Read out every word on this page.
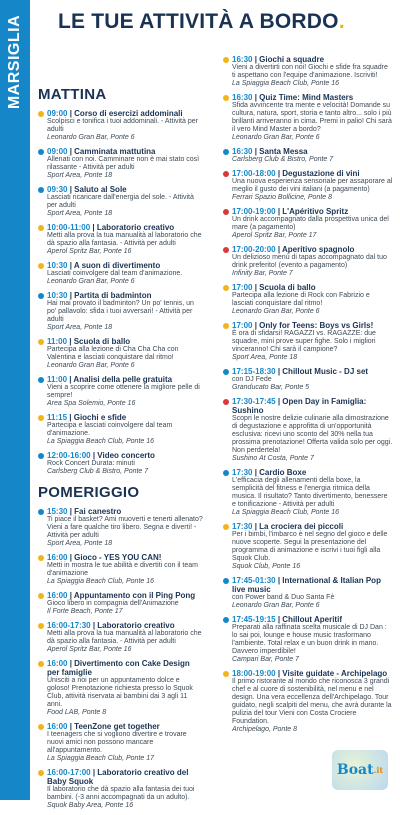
MARSIGLIA LE TUE ATTIVITÀ A BORDO.
MATTINA
09:00 | Corso di esercizi addominali
Scolpisci e tonifica i tuoi addominali. - Attività per adulti
Leonardo Gran Bar, Ponte 6
09:00 | Camminata mattutina
Allenati con noi. Camminare non è mai stato così rilassante - Attività per adulti
Sport Area, Ponte 18
09:30 | Saluto al Sole
Lasciati ricaricare dall'energia del sole. - Attività per adulti
Sport Area, Ponte 18
10:00-11:00 | Laboratorio creativo
Metti alla prova la tua manualità al laboratorio che dà spazio alla fantasia. - Attività per adulti
Aperol Spritz Bar, Ponte 16
10:30 | A suon di divertimento
Lasciati coinvolgere dal team d'animazione.
Leonardo Gran Bar, Ponte 6
10:30 | Partita di badminton
Hai mai provato il badminton? Un po' tennis, un po' pallavolo: sfida i tuoi avversari! - Attività per adulti
Sport Area, Ponte 18
11:00 | Scuola di ballo
Partecipa alla lezione di Cha Cha Cha con Valentina e lasciati conquistare dal ritmo!
Leonardo Gran Bar, Ponte 6
11:00 | Analisi della pelle gratuita
Vieni a scoprire come ottenere la migliore pelle di sempre!
Area Spa Solemio, Ponte 16
11:15 | Giochi e sfide
Partecipa e lasciati coinvolgere dal team d'animazione.
La Spiaggia Beach Club, Ponte 16
12:00-16:00 | Video concerto
Rock Concert Durata: minuti
Carlsberg Club & Bistro, Ponte 7
POMERIGGIO
15:30 | Fai canestro
Ti piace il basket? Ami muoverti e tenerti allenato? Vieni a fare qualche tiro libero. Segna e diverti! - Attività per adulti
Sport Area, Ponte 18
16:00 | Gioco - YES YOU CAN!
Metti in mostra le tue abilità e divertiti con il team d'animazione
La Spiaggia Beach Club, Ponte 16
16:00 | Appuntamento con il Ping Pong
Gioco libero in compagnia dell'Animazione
Il Forte Beach, Ponte 17
16:00-17:30 | Laboratorio creativo
Metti alla prova la tua manualità al laboratorio che dà spazio alla fantasia. - Attività per adulti
Aperol Spritz Bar, Ponte 16
16:00 | Divertimento con Cake Design per famiglie
Unisciti a noi per un appuntamento dolce e goloso! Prenotazione richiesta presso lo Squok Club, attività riservata ai bambini dai 3 agli 11 anni.
Food LAB, Ponte 8
16:00 | TeenZone get together
I teenagers che si vogliono divertire e trovare nuovi amici non possono mancare all'appuntamento.
La Spiaggia Beach Club, Ponte 17
16:00-17:00 | Laboratorio creativo del Baby Squok
Il laboratorio che dà spazio alla fantasia dei tuoi bambini. (-3 anni accompagnati da un adulto).
Squok Baby Area, Ponte 16
16:30 | Giochi a squadre
Vieni a divertirti con noi! Giochi e sfide fra squadre ti aspettano con l'equipe d'animazione. Iscriviti!
La Spiaggia Beach Club, Ponte 16
16:30 | Quiz Time: Mind Masters
Sfida avvincente tra mente e velocità! Domande su cultura, natura, sport, storia e tanto altro... solo i più brillanti arriveranno in cima. Premi in palio! Chi sarà il vero Mind Master a bordo?
Leonardo Gran Bar, Ponte 6
16:30 | Santa Messa
Carlsberg Club & Bistro, Ponte 7
17:00-18:00 | Degustazione di vini
Una nuova esperienza sensoriale per assaporare al meglio il gusto dei vini italiani (a pagamento)
Ferrari Spazio Bollicine, Ponte 8
17:00-19:00 | L'Apéritivo Spritz
Un drink accompagnato dalla prospettiva unica del mare (a pagamento)
Aperol Spritz Bar, Ponte 17
17:00-20:00 | Aperitivo spagnolo
Un delizioso menù di tapas accompagnato dal tuo drink preferito! (evento a pagamento)
Infinity Bar, Ponte 7
17:00 | Scuola di ballo
Partecipa alla lezione di Rock con Fabrizio e lasciati conquistare dal ritmo!
Leonardo Gran Bar, Ponte 6
17:00 | Only for Teens: Boys vs Girls!
È ora di sfidarsi! RAGAZZI vs. RAGAZZE: due squadre, mini prove super fighe. Solo i migliori vinceranno! Chi sarà il campione?
Sport Area, Ponte 18
17:15-18:30 | Chillout Music - DJ set
con DJ Fede
Granducato Bar, Ponte 5
17:30-17:45 | Open Day in Famiglia: Sushino
Scopri le nostre delizie culinarie alla dimostrazione di degustazione e approfitta di un'opportunità esclusiva: ricevi uno sconto del 30% nella tua prossima prenotazione! Offerta valida solo per oggi. Non perdertela!
Sushino At Costa, Ponte 7
17:30 | Cardio Boxe
L'efficacia degli allenamenti della boxe, la semplicità del fitness e l'energia ritmica della musica. Il risultato? Tanto divertimento, benessere e tonificazione - Attività per adulti
La Spiaggia Beach Club, Ponte 16
17:30 | La crociera dei piccoli
Per i bimbi, l'imbarco è nel segno del gioco e delle nuove scoperte. Segui la presentazione del programma di animazione e iscrivi i tuoi figli alla Squok Club.
Squok Club, Ponte 16
17:45-01:30 | International & Italian Pop live music
con Power band & Duo Santa Fè
Leonardo Gran Bar, Ponte 6
17:45-19:15 | Chillout Aperitif
Preparati alla raffinata scelta musicale di DJ Dan : lo sai poi, lounge e house music trasformano l'ambiente. Total relax e un buon drink in mano. Davvero imperdibile!
Campari Bar, Ponte 7
18:00-19:00 | Visite guidate - Archipelago
Il primo ristorante al mondo che riconosca 3 grandi chef e al cuore di sostenibilità, nel menu e nel design. Una vera eccellenza dell'Archipelago. Tour guidato, negli scalpiti del menu, che avrà durante la pulizia del tour Vieni con Costa Crociere Foundation.
Archipelago, Ponte 8
Boat .it
